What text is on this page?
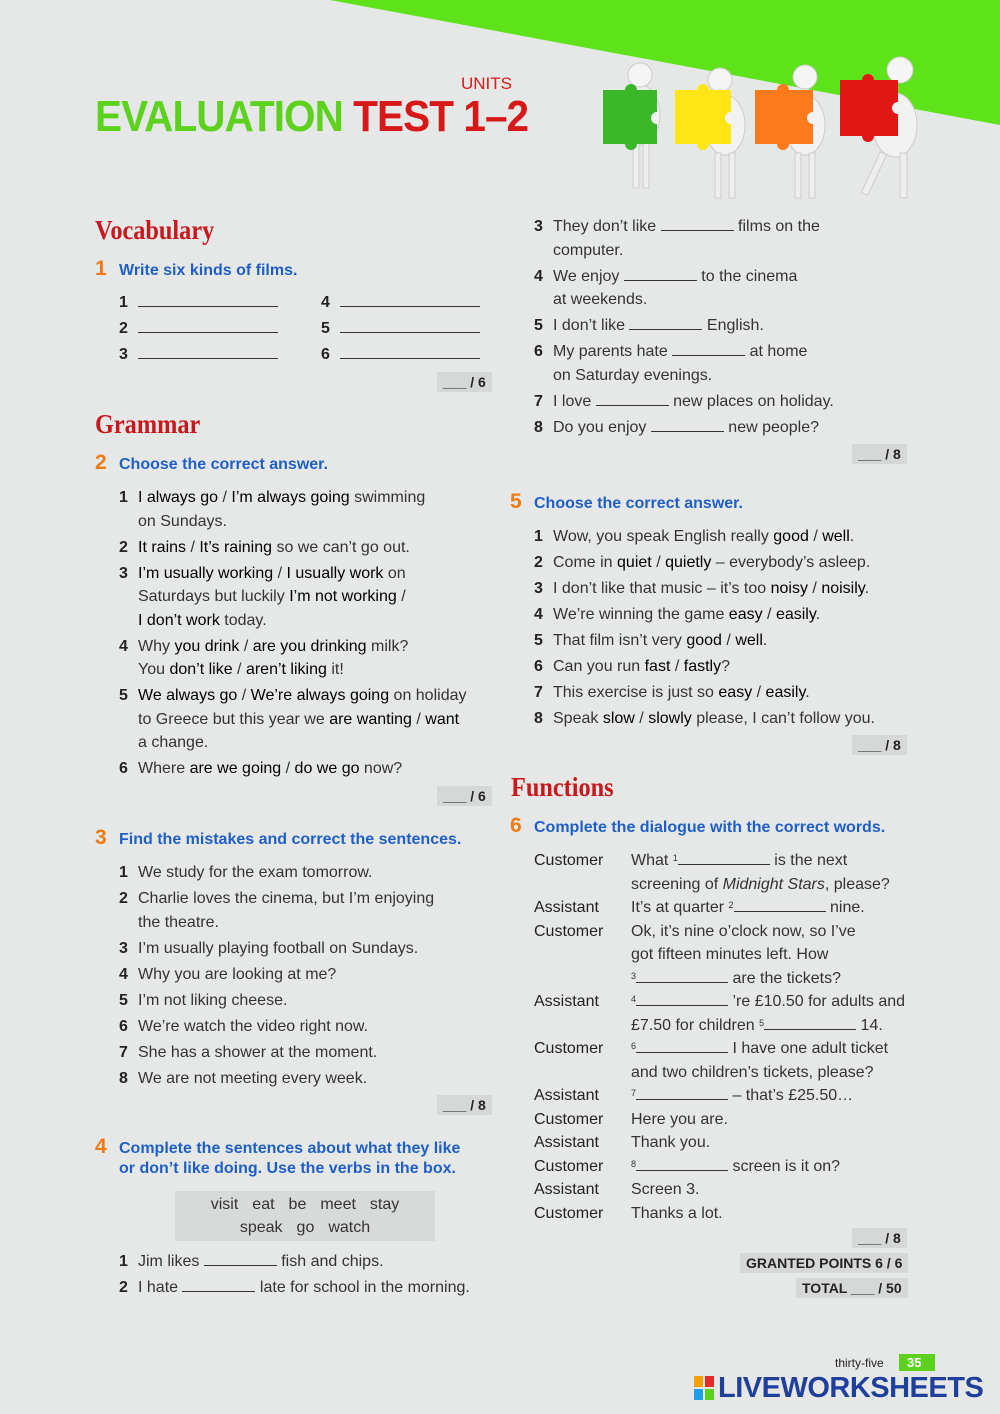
UNITS
EVALUATION TEST 1–2
Vocabulary
1 Write six kinds of films.
1
2
3
4
5
6
___ / 6
Grammar
2 Choose the correct answer.
1 I always go / I’m always going swimming
on Sundays.
2 It rains / It’s raining so we can’t go out.
3 I’m usually working / I usually work on
Saturdays but luckily I’m not working /
I don’t work today.
4 Why you drink / are you drinking milk?
You don’t like / aren’t liking it!
5 We always go / We’re always going on holiday
to Greece but this year we are wanting / want
a change.
6 Where are we going / do we go now?
___ / 6
3 Find the mistakes and correct the sentences.
1 We study for the exam tomorrow.
2 Charlie loves the cinema, but I’m enjoying
the theatre.
3 I’m usually playing football on Sundays.
4 Why you are looking at me?
5 I’m not liking cheese.
6 We’re watch the video right now.
7 She has a shower at the moment.
8 We are not meeting every week.
___ / 8
4 Complete the sentences about what they like
or don’t like doing. Use the verbs in the box.
visit eat be meet stay
speak go watch
1 Jim likes	fish and chips.
2 I hate	late for school in the morning.
3 They don’t like	films on the
computer.
4 We enjoy	to the cinema
at weekends.
5 I don’t like	English.
6 My parents hate	at home
on Saturday evenings.
7 I love	new places on holiday.
8 Do you enjoy	new people?
___ / 8
5 Choose the correct answer.
1 Wow, you speak English really good / well.
2 Come in quiet / quietly – everybody’s asleep.
3 I don’t like that music – it’s too noisy / noisily.
4 We’re winning the game easy / easily.
5 That film isn’t very good / well.
6 Can you run fast / fastly?
7 This exercise is just so easy / easily.
8 Speak slow / slowly please, I can’t follow you.
___ / 8
Functions
6 Complete the dialogue with the correct words.
Customer What $^1$	is the next
screening of Midnight Stars, please?
Assistant It’s at quarter $^2$	nine.
Customer Ok, it’s nine o’clock now, so I’ve
got fifteen minutes left. How
$^3$	are the tickets?
Assistant	$^4$	’re £10.50 for adults and
£7.50 for children $^5$	14.
Customer	$^6$	I have one adult ticket
and two children’s tickets, please?
Assistant	$^7$	– that’s £25.50…
Customer Here you are.
Assistant Thank you.
Customer	$^8$	screen is it on?
Assistant Screen 3.
Customer Thanks a lot.
___ / 8
GRANTED POINTS 6 / 6
TOTAL ___ / 50
thirty-five	35
LIVEWORKSHEETS
